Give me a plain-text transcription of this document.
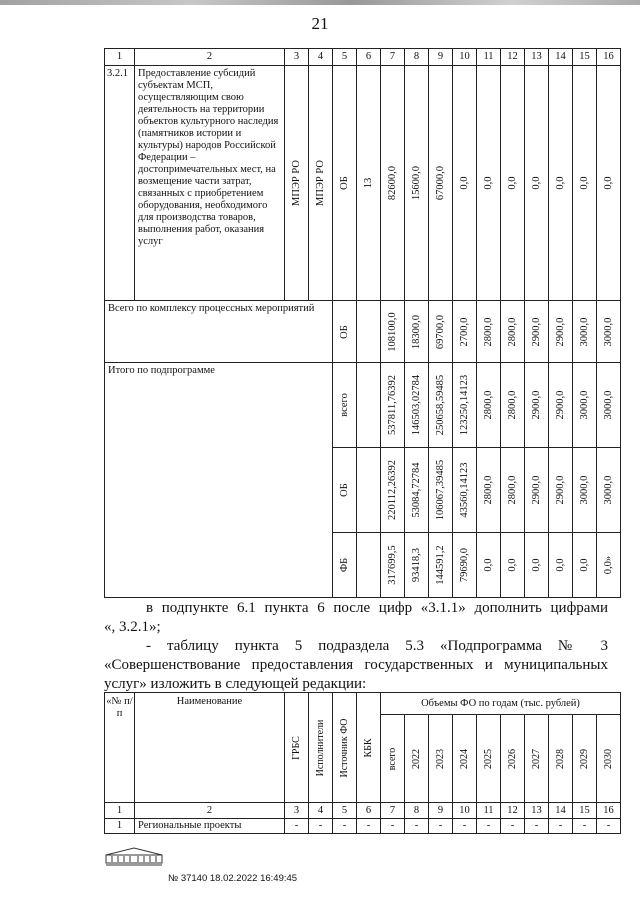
21
1	2	3	4	5	6	7	8	9	10	11	12	13	14	15	16
3.2.1	Предоставление субсидий субъектам МСП, осуществляющим свою деятельность на территории объектов культурного наследия (памятников истории и культуры) народов Российской Федерации – достопримечательных мест, на возмещение части затрат, связанных с приобретением оборудования, необходимого для производства товаров, выполнения работ, оказания услуг	МПЭР РО	МПЭР РО	ОБ	13	82600,0	15600,0	67000,0	0,0	0,0	0,0	0,0	0,0	0,0	0,0

Всего по комплексу процессных мероприятий				ОБ		108100,0	18300,0	69700,0	2700,0	2800,0	2800,0	2900,0	2900,0	3000,0	3000,0

Итого по подпрограмме				всего		537811,76392	146503,02784	250658,59485	123250,14123	2800,0	2800,0	2900,0	2900,0	3000,0	3000,0

				ОБ		220112,26392	53084,72784	106067,39485	43560,14123	2800,0	2800,0	2900,0	2900,0	3000,0	3000,0

				ФБ		317699,5	93418,3	144591,2	79690,0	0,0	0,0	0,0	0,0	0,0	0,0»
в подпункте 6.1 пункта 6 после цифр «3.1.1» дополнить цифрами
«, 3.2.1»;
- таблицу пункта 5 подраздела 5.3 «Подпрограмма № 3
«Совершенствование предоставления государственных и муниципальных
услуг» изложить в следующей редакции:
«№ п/п	Наименование	ГРБС	Исполнители	Источник ФО	КБК	Объемы ФО по годам (тыс. рублей)									

						всего	2022	2023	2024	2025	2026	2027	2028	2029	2030

1	2	3	4	5	6	7	8	9	10	11	12	13	14	15	16
1	Региональные проекты	-	-	-	-	-	-	-	-	-	-	-	-	-	-
№ 37140 18.02.2022 16:49:45
